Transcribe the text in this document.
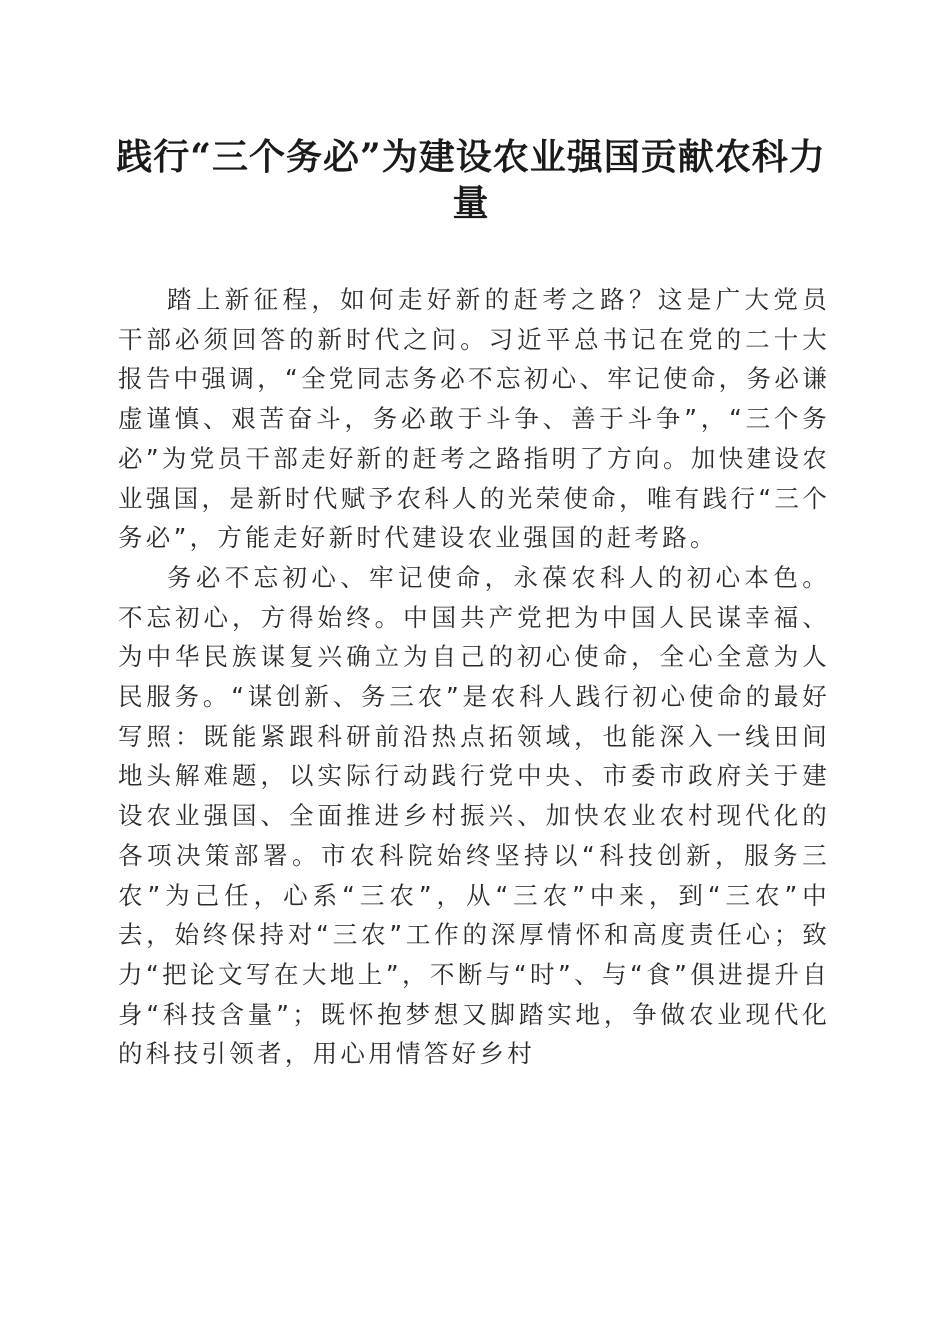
践行“三个务必”为建设农业强国贡献农科力量

踏上新征程，如何走好新的赶考之路？这是广大党员干部必须回答的新时代之问。习近平总书记在党的二十大报告中强调，“全党同志务必不忘初心、牢记使命，务必谦虚谨慎、艰苦奋斗，务必敢于斗争、善于斗争”，“三个务必”为党员干部走好新的赶考之路指明了方向。加快建设农业强国，是新时代赋予农科人的光荣使命，唯有践行“三个务必”，方能走好新时代建设农业强国的赶考路。

务必不忘初心、牢记使命，永葆农科人的初心本色。不忘初心，方得始终。中国共产党把为中国人民谋幸福、为中华民族谋复兴确立为自己的初心使命，全心全意为人民服务。“谋创新、务三农”是农科人践行初心使命的最好写照：既能紧跟科研前沿热点拓领域，也能深入一线田间地头解难题，以实际行动践行党中央、市委市政府关于建设农业强国、全面推进乡村振兴、加快农业农村现代化的各项决策部署。市农科院始终坚持以“科技创新，服务三农”为己任，心系“三农”，从“三农”中来，到“三农”中去，始终保持对“三农”工作的深厚情怀和高度责任心；致力“把论文写在大地上”，不断与“时”、与“食”俱进提升自身“科技含量”；既怀抱梦想又脚踏实地，争做农业现代化的科技引领者，用心用情答好乡村
